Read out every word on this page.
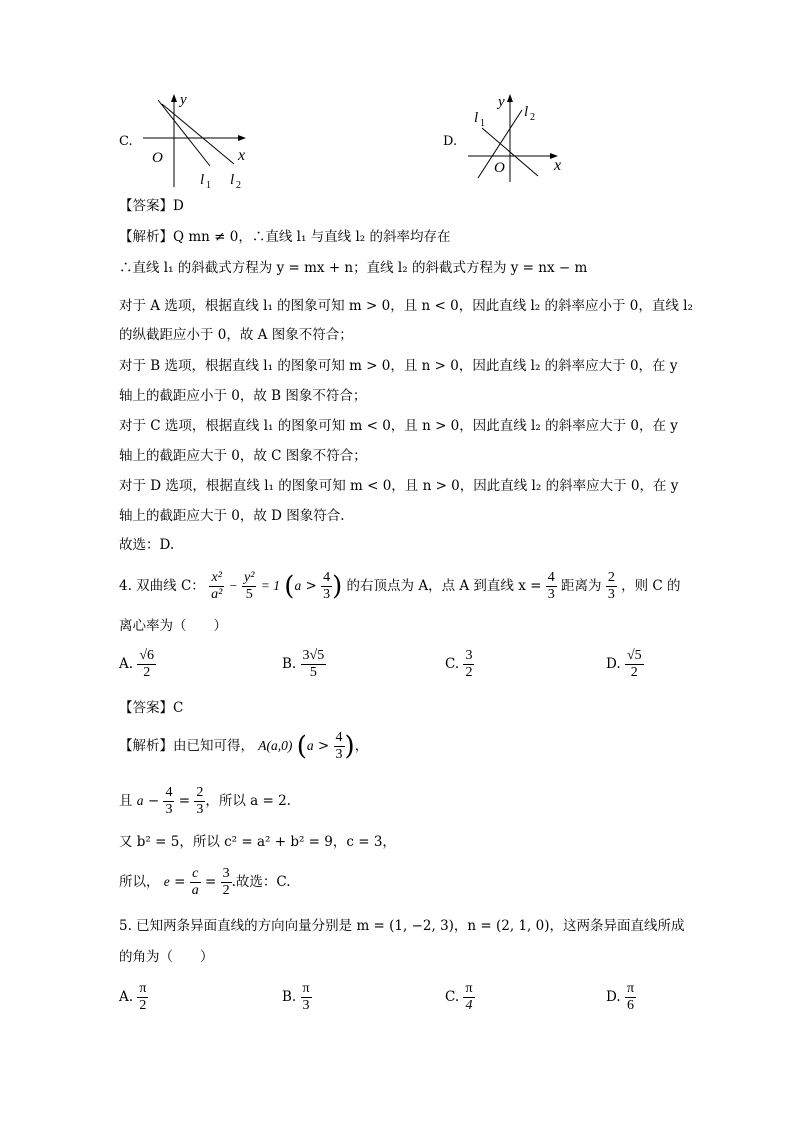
C.
y
x
O
l 1 l 2
D.
y
x
O
l 1
l 2
【答案】D
【解析】Q mn ≠ 0，∴直线 l₁ 与直线 l₂ 的斜率均存在
∴直线 l₁ 的斜截式方程为 y = mx + n；直线 l₂ 的斜截式方程为 y = nx − m
对于 A 选项，根据直线 l₁ 的图象可知 m > 0，且 n < 0，因此直线 l₂ 的斜率应小于 0，直线 l₂
的纵截距应小于 0，故 A 图象不符合；
对于 B 选项，根据直线 l₁ 的图象可知 m > 0，且 n > 0，因此直线 l₂ 的斜率应大于 0，在 y
轴上的截距应小于 0，故 B 图象不符合；
对于 C 选项，根据直线 l₁ 的图象可知 m < 0，且 n > 0，因此直线 l₂ 的斜率应大于 0，在 y
轴上的截距应大于 0，故 C 图象不符合；
对于 D 选项，根据直线 l₁ 的图象可知 m < 0，且 n > 0，因此直线 l₂ 的斜率应大于 0，在 y
轴上的截距应大于 0，故 D 图象符合.
故选：D.
4. 双曲线 C： $\frac{\text{x²}}{\text{a²}} - \frac{\text{y²}}{5} = 1$ ($a > \frac{4}{3}$ ) 的右顶点为 A，点 A 到直线 $x = \frac{4}{3}$ 距离为 $\frac{2}{3}$ ，则 C 的
离心率为（　　）
A. $\frac{√6}{2}$	B. $\frac{3√5}{5}$	C. $\frac{3}{2}$	D. $\frac{√5}{2}$
【答案】C
【解析】由已知可得， A(a,0) ($a > \frac{4}{3}$ )，
且 $a - \frac{4}{3} = \frac{2}{3}$ ，所以 a = 2.
又 b² = 5，所以 c² = a² + b² = 9，c = 3，
所以， $e = \frac{c}{a} = \frac{3}{2}$ .故选：C.
5. 已知两条异面直线的方向向量分别是 m = (1, −2, 3)，n = (2, 1, 0)，这两条异面直线所成
的角为（　　）
A. $\frac{\pi}{2}$	B. $\frac{\pi}{3}$	C. $\frac{\pi}{4}$	D. $\frac{\pi}{6}$
